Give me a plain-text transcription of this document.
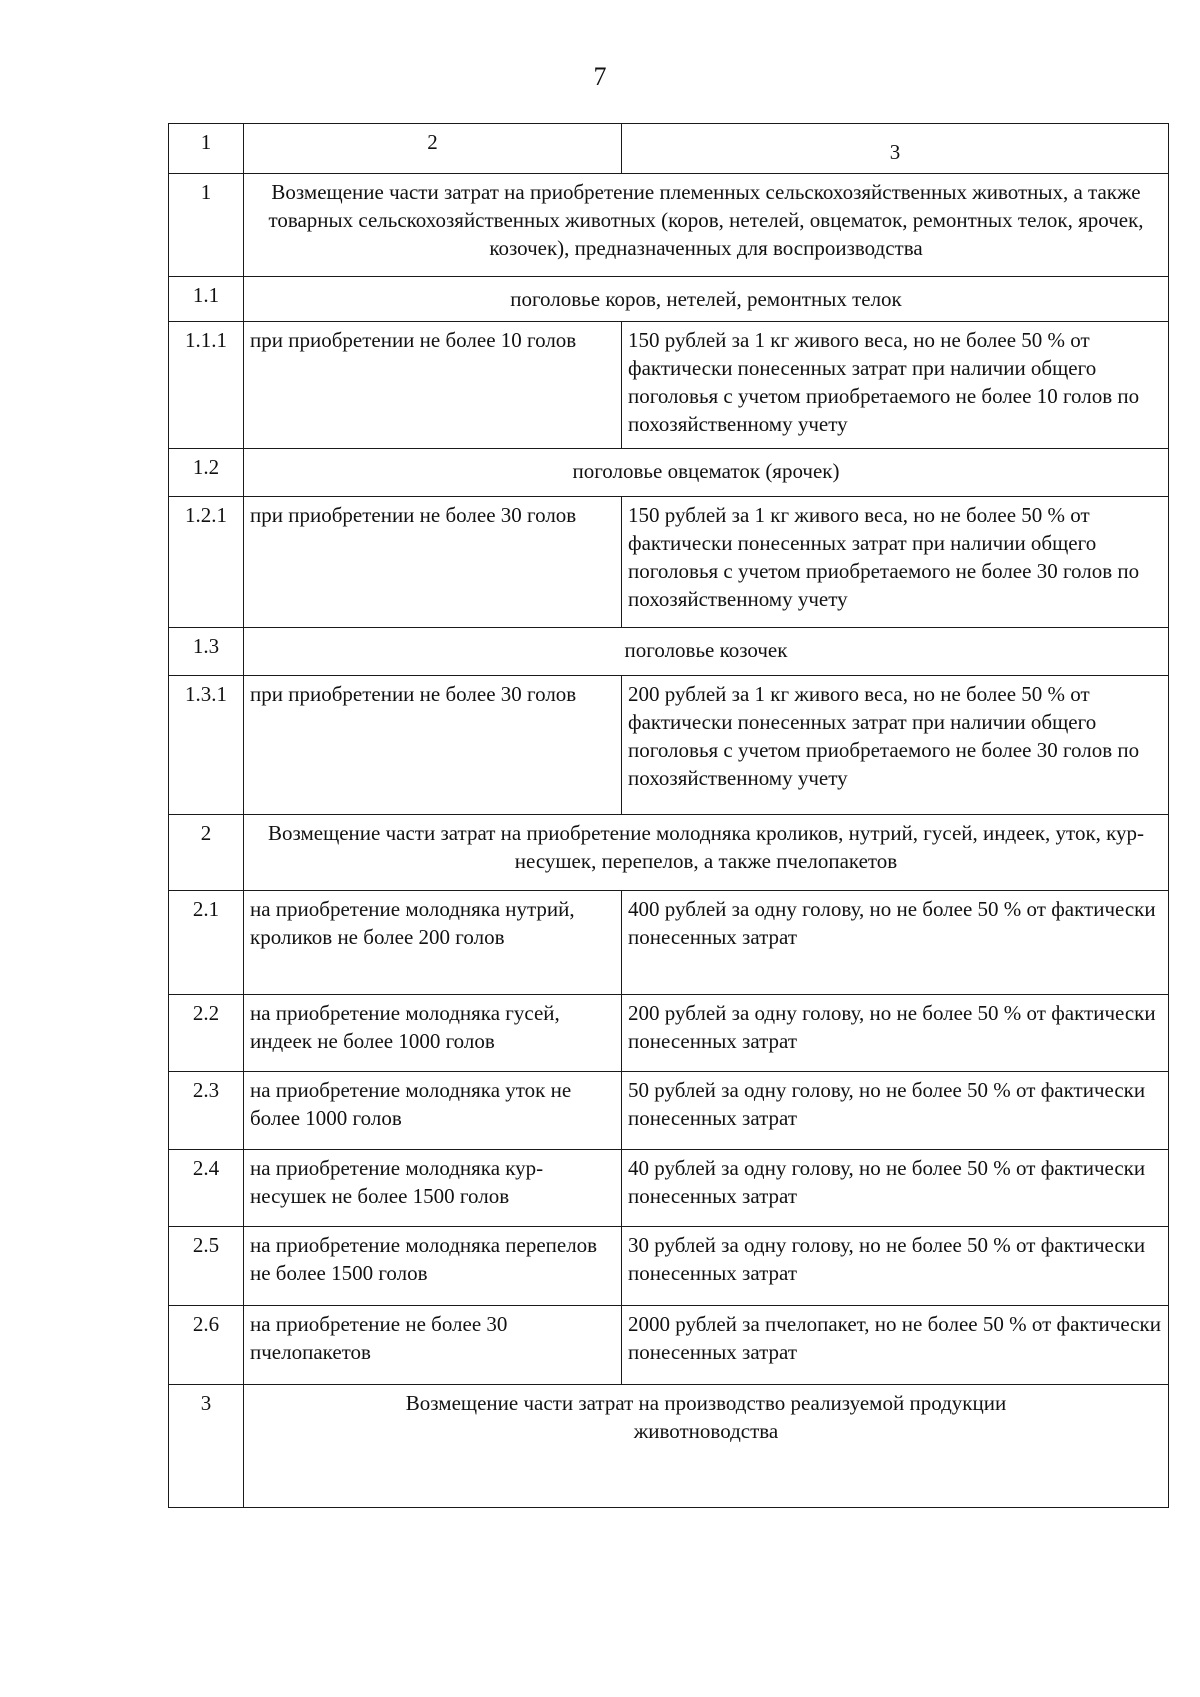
7
1	2	3
1	Возмещение части затрат на приобретение племенных сельскохозяйственных животных, а также товарных сельскохозяйственных животных (коров, нетелей, овцематок, ремонтных телок, ярочек, козочек), предназначенных для воспроизводства	
1.1	поголовье коров, нетелей, ремонтных телок	
1.1.1	при приобретении не более 10 голов	150 рублей за 1 кг живого веса, но не более 50 % от фактически понесенных затрат при наличии общего поголовья с учетом приобретаемого не более 10 голов по похозяйственному учету
1.2	поголовье овцематок (ярочек)	
1.2.1	при приобретении не более 30 голов	150 рублей за 1 кг живого веса, но не более 50 % от фактически понесенных затрат при наличии общего поголовья с учетом приобретаемого не более 30 голов по похозяйственному учету
1.3	поголовье козочек	
1.3.1	при приобретении не более 30 голов	200 рублей за 1 кг живого веса, но не более 50 % от фактически понесенных затрат при наличии общего поголовья с учетом приобретаемого не более 30 голов по похозяйственному учету
2	Возмещение части затрат на приобретение молодняка кроликов, нутрий, гусей, индеек, уток, кур-несушек, перепелов, а также пчелопакетов	
2.1	на приобретение молодняка нутрий, кроликов не более 200 голов	400 рублей за одну голову, но не более 50 % от фактически понесенных затрат
2.2	на приобретение молодняка гусей, индеек не более 1000 голов	200 рублей за одну голову, но не более 50 % от фактически понесенных затрат
2.3	на приобретение молодняка уток не более 1000 голов	50 рублей за одну голову, но не более 50 % от фактически понесенных затрат
2.4	на приобретение молодняка кур-несушек не более 1500 голов	40 рублей за одну голову, но не более 50 % от фактически понесенных затрат
2.5	на приобретение молодняка перепелов не более 1500 голов	30 рублей за одну голову, но не более 50 % от фактически понесенных затрат
2.6	на приобретение не более 30 пчелопакетов	2000 рублей за пчелопакет, но не более 50 % от фактически понесенных затрат
3	Возмещение части затрат на производство реализуемой продукции животноводства	
